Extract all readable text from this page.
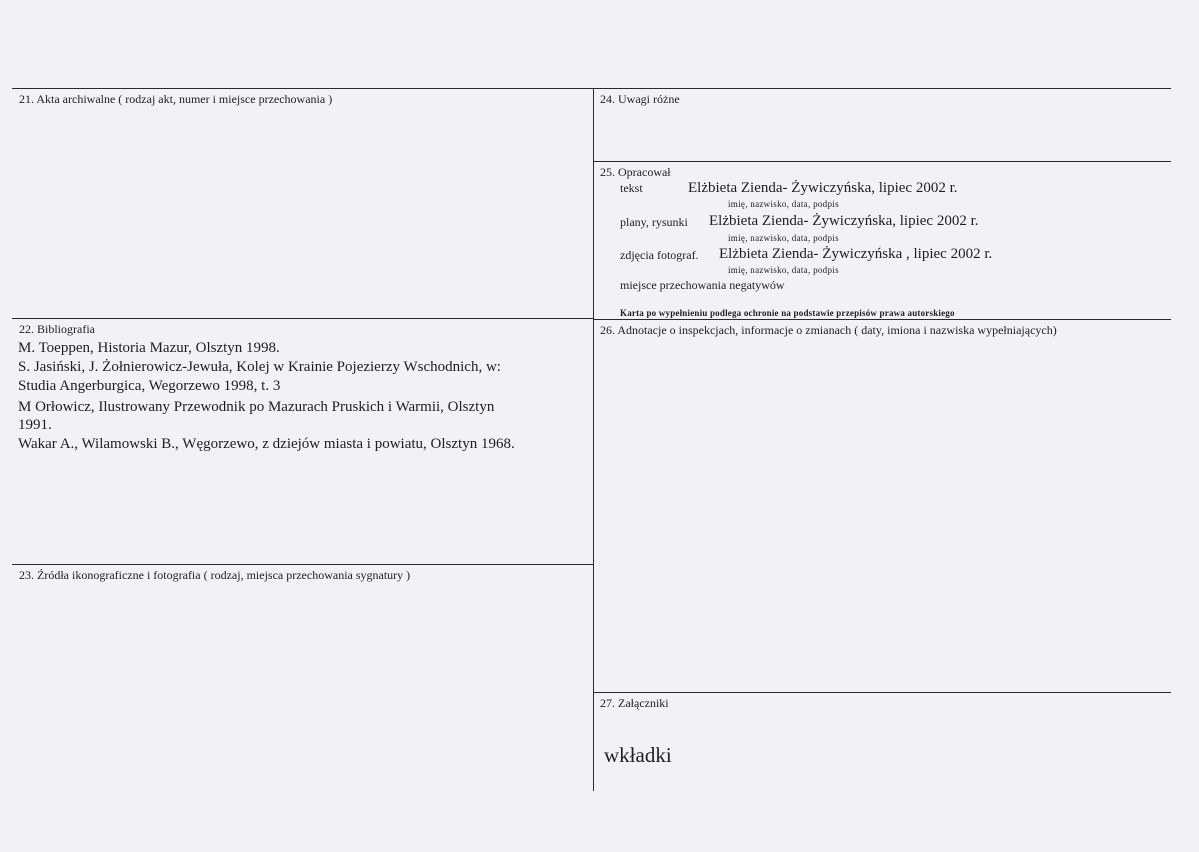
21. Akta archiwalne ( rodzaj akt, numer i miejsce przechowania )
22. Bibliografia
M. Toeppen, Historia Mazur, Olsztyn 1998.
S. Jasiński, J. Żołnierowicz-Jewuła, Kolej w Krainie Pojezierzy Wschodnich, w:
Studia Angerburgica, Wegorzewo 1998, t. 3
M Orłowicz, Ilustrowany Przewodnik po Mazurach Pruskich i Warmii, Olsztyn
1991.
Wakar A., Wilamowski B., Węgorzewo, z dziejów miasta i powiatu, Olsztyn 1968.
23. Źródła ikonograficzne i fotografia ( rodzaj, miejsca przechowania sygnatury )
24. Uwagi różne
25. Opracował
tekst	Elżbieta Zienda- Żywiczyńska, lipiec 2002 r.
imię, nazwisko, data, podpis
plany, rysunki Elżbieta Zienda- Żywiczyńska, lipiec 2002 r.
imię, nazwisko, data, podpis
zdjęcia fotograf. Elżbieta Zienda- Żywiczyńska , lipiec 2002 r.
imię, nazwisko, data, podpis
miejsce przechowania negatywów
Karta po wypełnieniu podlega ochronie na podstawie przepisów prawa autorskiego
26. Adnotacje o inspekcjach, informacje o zmianach ( daty, imiona i nazwiska wypełniających)
27. Załączniki
wkładki
